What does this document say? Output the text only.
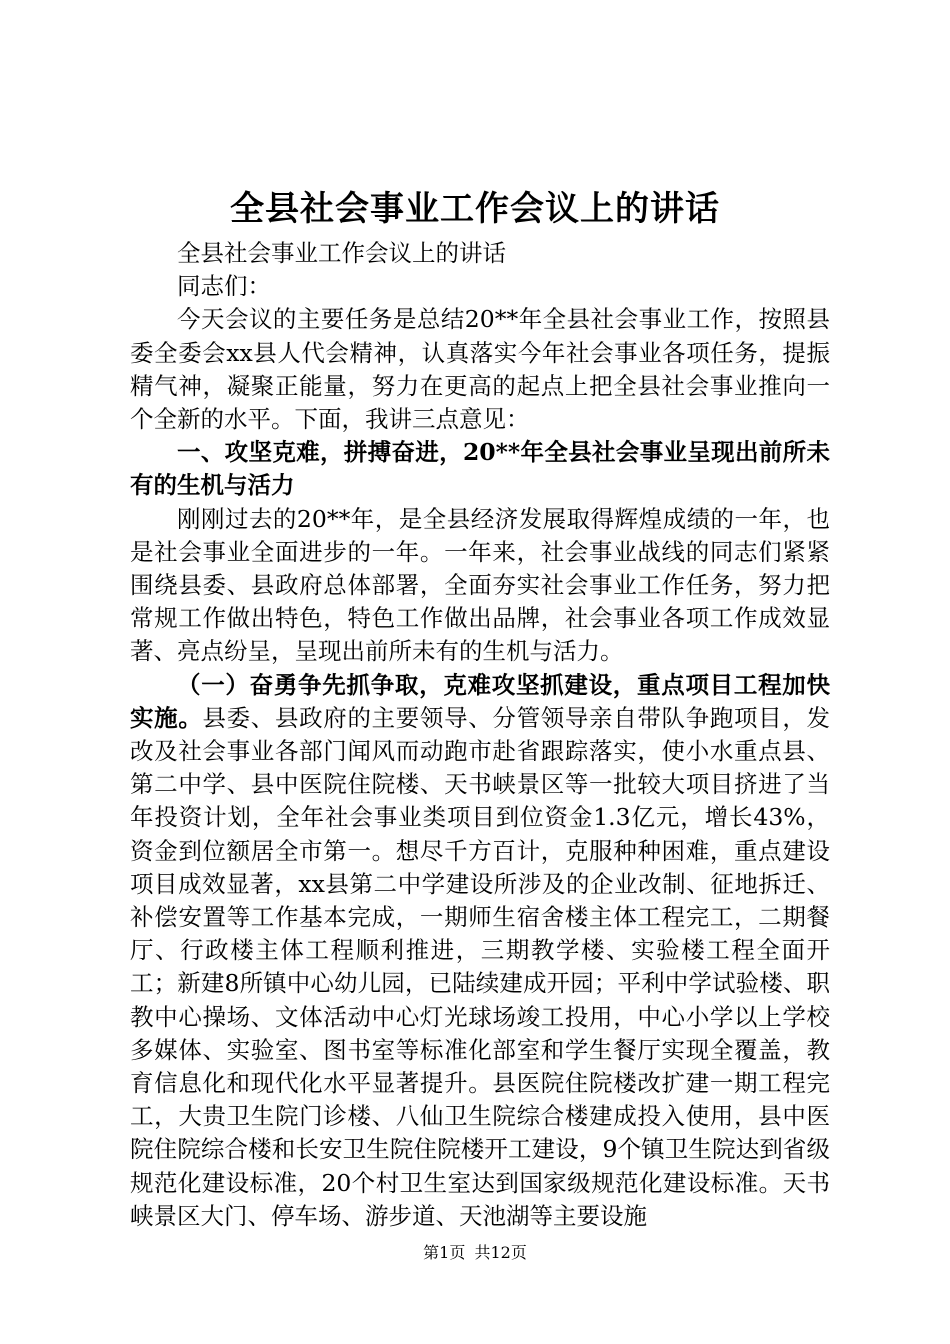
全县社会事业工作会议上的讲话

全县社会事业工作会议上的讲话

同志们：

今天会议的主要任务是总结20**年全县社会事业工作，按照县委全委会xx县人代会精神，认真落实今年社会事业各项任务，提振精气神，凝聚正能量，努力在更高的起点上把全县社会事业推向一个全新的水平。下面，我讲三点意见：

一、攻坚克难，拼搏奋进，20**年全县社会事业呈现出前所未有的生机与活力

刚刚过去的20**年，是全县经济发展取得辉煌成绩的一年，也是社会事业全面进步的一年。一年来，社会事业战线的同志们紧紧围绕县委、县政府总体部署，全面夯实社会事业工作任务，努力把常规工作做出特色，特色工作做出品牌，社会事业各项工作成效显著、亮点纷呈，呈现出前所未有的生机与活力。

（一）奋勇争先抓争取，克难攻坚抓建设，重点项目工程加快实施。县委、县政府的主要领导、分管领导亲自带队争跑项目，发改及社会事业各部门闻风而动跑市赴省跟踪落实，使小水重点县、第二中学、县中医院住院楼、天书峡景区等一批较大项目挤进了当年投资计划，全年社会事业类项目到位资金1.3亿元，增长43%，资金到位额居全市第一。想尽千方百计，克服种种困难，重点建设项目成效显著，xx县第二中学建设所涉及的企业改制、征地拆迁、补偿安置等工作基本完成，一期师生宿舍楼主体工程完工，二期餐厅、行政楼主体工程顺利推进，三期教学楼、实验楼工程全面开工；新建8所镇中心幼儿园，已陆续建成开园；平利中学试验楼、职教中心操场、文体活动中心灯光球场竣工投用，中心小学以上学校多媒体、实验室、图书室等标准化部室和学生餐厅实现全覆盖，教育信息化和现代化水平显著提升。县医院住院楼改扩建一期工程完工，大贵卫生院门诊楼、八仙卫生院综合楼建成投入使用，县中医院住院综合楼和长安卫生院住院楼开工建设，9个镇卫生院达到省级规范化建设标准，20个村卫生室达到国家级规范化建设标准。天书峡景区大门、停车场、游步道、天池湖等主要设施

第1页 共12页
